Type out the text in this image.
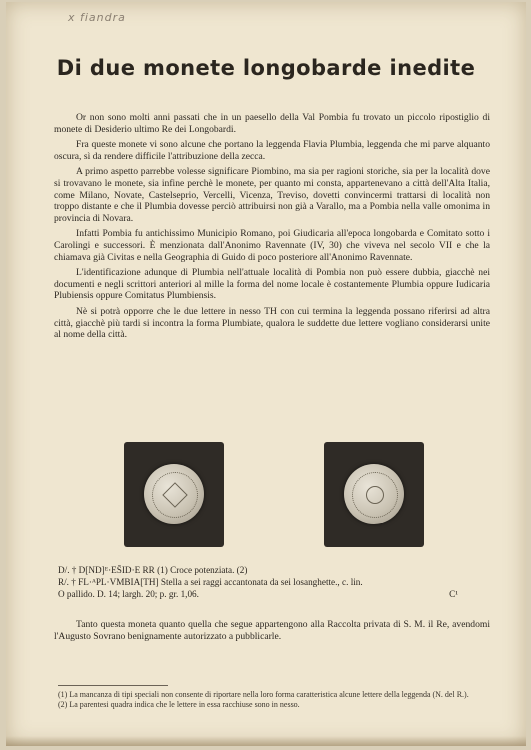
x fiandra
Di due monete longobarde inedite

Or non sono molti anni passati che in un paesello della Val Pombia fu trovato un piccolo ripostiglio di monete di Desiderio ultimo Re dei Longobardi.

Fra queste monete vi sono alcune che portano la leggenda Flavia Plumbia, leggenda che mi parve alquanto oscura, sì da rendere difficile l'attribuzione della zecca.

A primo aspetto parrebbe volesse significare Piombino, ma sia per ragioni storiche, sia per la località dove si trovavano le monete, sia infine perchè le monete, per quanto mi consta, appartenevano a città dell'Alta Italia, come Milano, Novate, Castelseprio, Vercelli, Vicenza, Treviso, dovetti convincermi trattarsi di località non troppo distante e che il Plumbia dovesse perciò attribuirsi non già a Varallo, ma a Pombia nella valle omonima in provincia di Novara.

Infatti Pombia fu antichissimo Municipio Romano, poi Giudicaria all'epoca longobarda e Comitato sotto i Carolingi e successori. È menzionata dall'Anonimo Ravennate (IV, 30) che viveva nel secolo VII e che la chiamava già Civitas e nella Geographia di Guido di poco posteriore all'Anonimo Ravennate.

L'identificazione adunque di Plumbia nell'attuale località di Pombia non può essere dubbia, giacchè nei documenti e negli scrittori anteriori al mille la forma del nome locale è costantemente Plumbia oppure Iudicaria Plubiensis oppure Comitatus Plumbiensis.

Nè si potrà opporre che le due lettere in nesso TH con cui termina la leggenda possano riferirsi ad altra città, giacchè più tardi si incontra la forma Plumbiate, qualora le suddette due lettere vogliano considerarsi unite al nome della città.

D/. † D[ND]ᴱ·ES̄ID·E RR (1) Croce potenziata. (2)
R/. † FL·ᴬPL·VMBIA[TH] Stella a sei raggi accantonata da sei losanghette., c. lin.
O pallido. D. 14; largh. 20; p. gr. 1,06.	C¹

Tanto questa moneta quanto quella che segue appartengono alla Raccolta privata di S. M. il Re, avendomi l'Augusto Sovrano benignamente autorizzato a pubblicarle.

(1) La mancanza di tipi speciali non consente di riportare nella loro forma caratteristica alcune lettere della leggenda (N. del R.).
(2) La parentesi quadra indica che le lettere in essa racchiuse sono in nesso.
